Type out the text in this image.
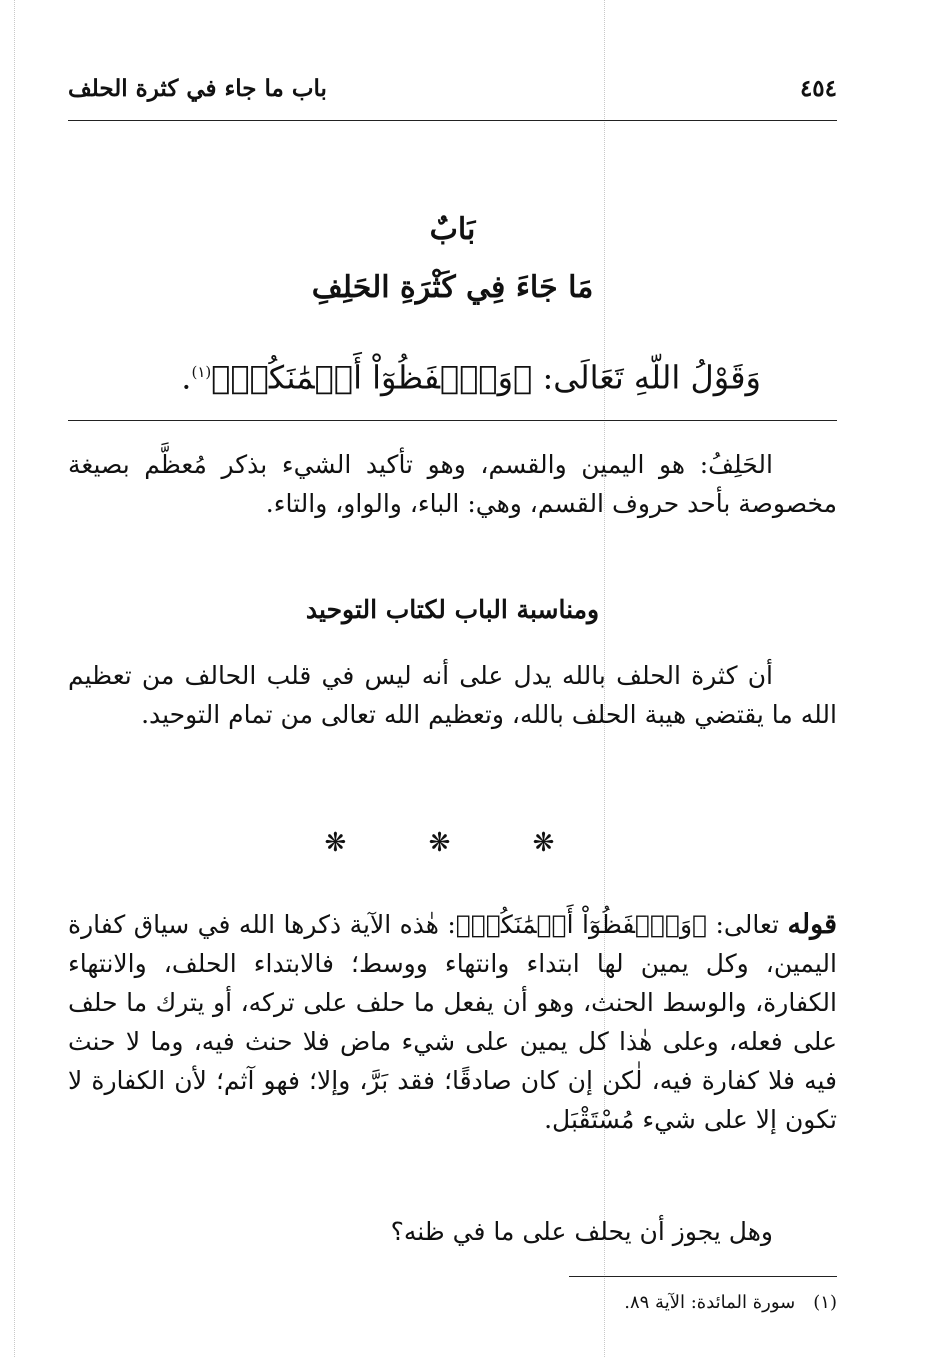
٤٥٤
باب ما جاء في كثرة الحلف
بَابٌ
مَا جَاءَ فِي كَثْرَةِ الحَلِفِ
وَقَوْلُ اللّهِ تَعَالَى: ﴿وَٱحۡفَظُوٓاْ أَيۡمَٰنَكُمۡ﴾$^{(١)}$.
الحَلِفُ: هو اليمين والقسم، وهو تأكيد الشيء بذكر مُعظَّم بصيغة مخصوصة بأحد حروف القسم، وهي: الباء، والواو، والتاء.
ومناسبة الباب لكتاب التوحيد
أن كثرة الحلف بالله يدل على أنه ليس في قلب الحالف من تعظيم الله ما يقتضي هيبة الحلف بالله، وتعظيم الله تعالى من تمام التوحيد.
❋ ❋ ❋
قوله تعالى: ﴿وَٱحۡفَظُوٓاْ أَيۡمَٰنَكُمۡ﴾: هٰذه الآية ذكرها الله في سياق كفارة اليمين، وكل يمين لها ابتداء وانتهاء ووسط؛ فالابتداء الحلف، والانتهاء الكفارة، والوسط الحنث، وهو أن يفعل ما حلف على تركه، أو يترك ما حلف على فعله، وعلى هٰذا كل يمين على شيء ماض فلا حنث فيه، وما لا حنث فيه فلا كفارة فيه، لٰكن إن كان صادقًا؛ فقد بَرَّ، وإلا؛ فهو آثم؛ لأن الكفارة لا تكون إلا على شيء مُسْتَقْبَل.
وهل يجوز أن يحلف على ما في ظنه؟
(١)
سورة المائدة: الآية ٨٩.
